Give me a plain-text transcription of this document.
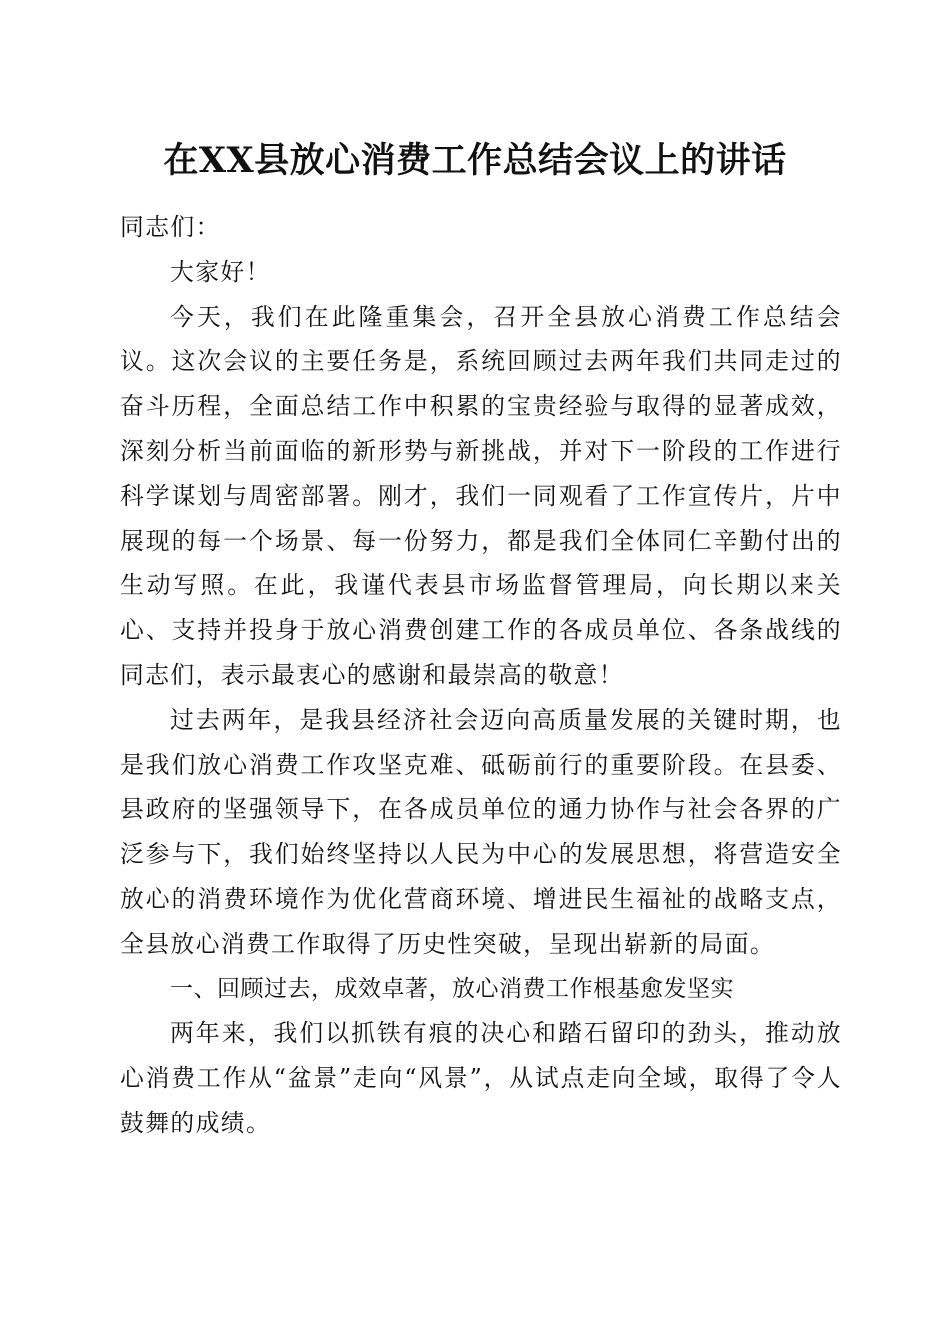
在XX县放心消费工作总结会议上的讲话

同志们：

大家好！

今天，我们在此隆重集会，召开全县放心消费工作总结会议。这次会议的主要任务是，系统回顾过去两年我们共同走过的奋斗历程，全面总结工作中积累的宝贵经验与取得的显著成效，深刻分析当前面临的新形势与新挑战，并对下一阶段的工作进行科学谋划与周密部署。刚才，我们一同观看了工作宣传片，片中展现的每一个场景、每一份努力，都是我们全体同仁辛勤付出的生动写照。在此，我谨代表县市场监督管理局，向长期以来关心、支持并投身于放心消费创建工作的各成员单位、各条战线的同志们，表示最衷心的感谢和最崇高的敬意！

过去两年，是我县经济社会迈向高质量发展的关键时期，也是我们放心消费工作攻坚克难、砥砺前行的重要阶段。在县委、县政府的坚强领导下，在各成员单位的通力协作与社会各界的广泛参与下，我们始终坚持以人民为中心的发展思想，将营造安全放心的消费环境作为优化营商环境、增进民生福祉的战略支点，全县放心消费工作取得了历史性突破，呈现出崭新的局面。

一、回顾过去，成效卓著，放心消费工作根基愈发坚实

两年来，我们以抓铁有痕的决心和踏石留印的劲头，推动放心消费工作从“盆景”走向“风景”，从试点走向全域，取得了令人鼓舞的成绩。
